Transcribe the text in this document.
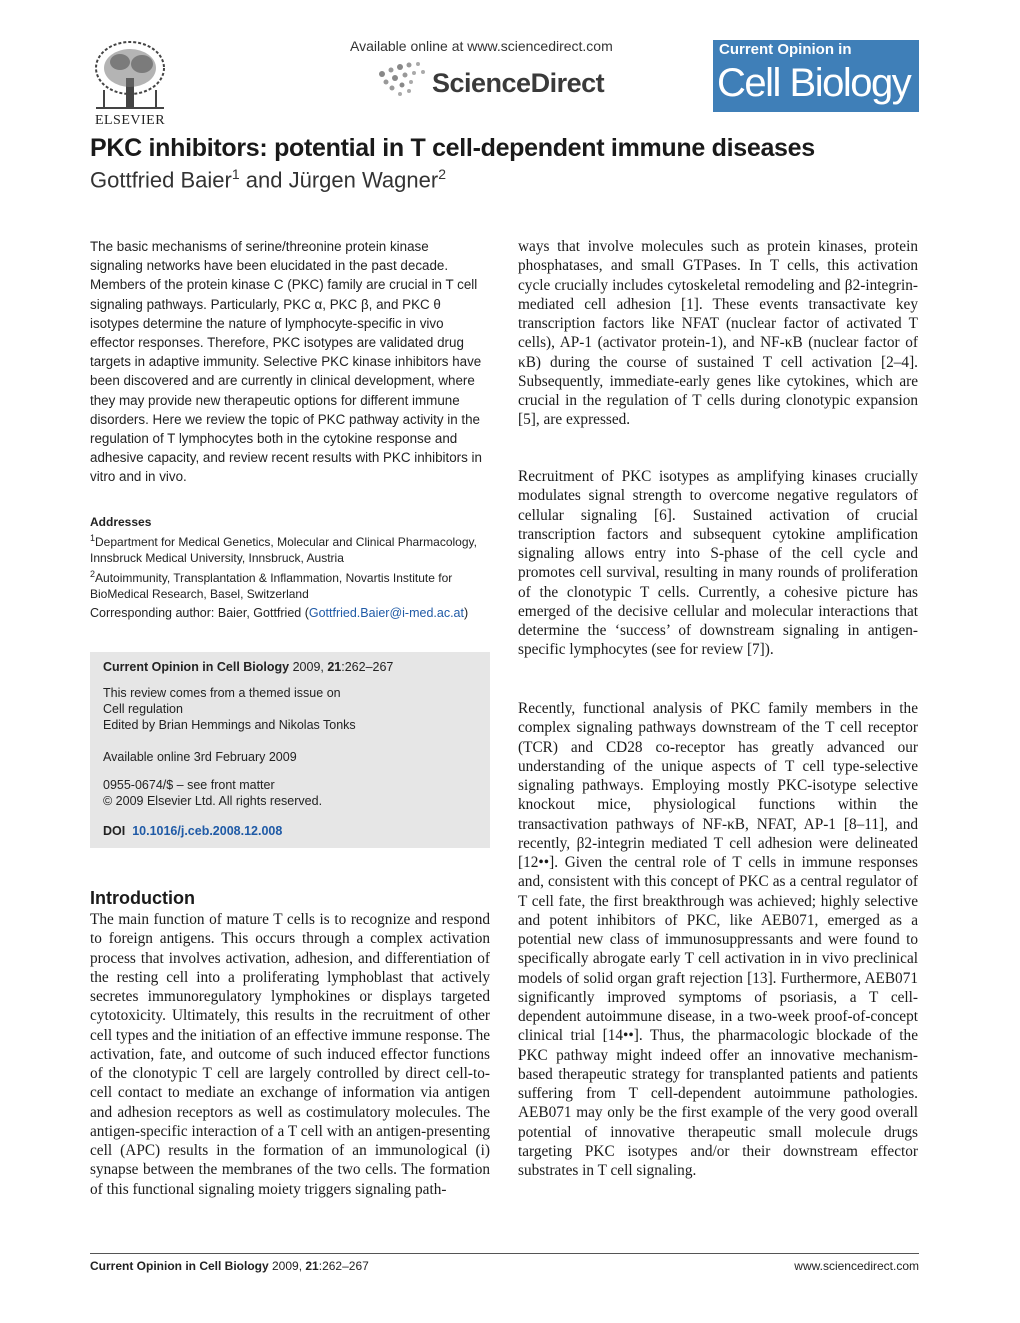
ELSEVIER
Available online at www.sciencedirect.com
ScienceDirect
Current Opinion in
Cell Biology
PKC inhibitors: potential in T cell-dependent immune diseases
Gottfried Baier$^1$ and Jürgen Wagner$^2$
The basic mechanisms of serine/threonine protein kinase signaling networks have been elucidated in the past decade. Members of the protein kinase C (PKC) family are crucial in T cell signaling pathways. Particularly, PKC α, PKC β, and PKC θ isotypes determine the nature of lymphocyte-specific in vivo effector responses. Therefore, PKC isotypes are validated drug targets in adaptive immunity. Selective PKC kinase inhibitors have been discovered and are currently in clinical development, where they may provide new therapeutic options for different immune disorders. Here we review the topic of PKC pathway activity in the regulation of T lymphocytes both in the cytokine response and adhesive capacity, and review recent results with PKC inhibitors in vitro and in vivo.
Addresses
$^1$Department for Medical Genetics, Molecular and Clinical Pharmacology, Innsbruck Medical University, Innsbruck, Austria
$^2$Autoimmunity, Transplantation & Inflammation, Novartis Institute for BioMedical Research, Basel, Switzerland
Corresponding author: Baier, Gottfried (Gottfried.Baier@i-med.ac.at)
Current Opinion in Cell Biology 2009, 21:262–267
This review comes from a themed issue on
Cell regulation
Edited by Brian Hemmings and Nikolas Tonks
Available online 3rd February 2009
0955-0674/$ – see front matter
© 2009 Elsevier Ltd. All rights reserved.
DOI 10.1016/j.ceb.2008.12.008
Introduction
The main function of mature T cells is to recognize and respond to foreign antigens. This occurs through a complex activation process that involves activation, adhesion, and differentiation of the resting cell into a proliferating lymphoblast that actively secretes immunoregulatory lymphokines or displays targeted cytotoxicity. Ultimately, this results in the recruitment of other cell types and the initiation of an effective immune response. The activation, fate, and outcome of such induced effector functions of the clonotypic T cell are largely controlled by direct cell-to-cell contact to mediate an exchange of information via antigen and adhesion receptors as well as costimulatory molecules. The antigen-specific interaction of a T cell with an antigen-presenting cell (APC) results in the formation of an immunological (i) synapse between the membranes of the two cells. The formation of this functional signaling moiety triggers signaling path-
ways that involve molecules such as protein kinases, protein phosphatases, and small GTPases. In T cells, this activation cycle crucially includes cytoskeletal remodeling and β2-integrin-mediated cell adhesion [1]. These events transactivate key transcription factors like NFAT (nuclear factor of activated T cells), AP-1 (activator protein-1), and NF-κB (nuclear factor of κB) during the course of sustained T cell activation [2–4]. Subsequently, immediate-early genes like cytokines, which are crucial in the regulation of T cells during clonotypic expansion [5], are expressed.
Recruitment of PKC isotypes as amplifying kinases crucially modulates signal strength to overcome negative regulators of cellular signaling [6]. Sustained activation of crucial transcription factors and subsequent cytokine amplification signaling allows entry into S-phase of the cell cycle and promotes cell survival, resulting in many rounds of proliferation of the clonotypic T cells. Currently, a cohesive picture has emerged of the decisive cellular and molecular interactions that determine the ‘success’ of downstream signaling in antigen-specific lymphocytes (see for review [7]).
Recently, functional analysis of PKC family members in the complex signaling pathways downstream of the T cell receptor (TCR) and CD28 co-receptor has greatly advanced our understanding of the unique aspects of T cell type-selective signaling pathways. Employing mostly PKC-isotype selective knockout mice, physiological functions within the transactivation pathways of NF-κB, NFAT, AP-1 [8–11], and recently, β2-integrin mediated T cell adhesion were delineated [12••]. Given the central role of T cells in immune responses and, consistent with this concept of PKC as a central regulator of T cell fate, the first breakthrough was achieved; highly selective and potent inhibitors of PKC, like AEB071, emerged as a potential new class of immunosuppressants and were found to specifically abrogate early T cell activation in in vivo preclinical models of solid organ graft rejection [13]. Furthermore, AEB071 significantly improved symptoms of psoriasis, a T cell-dependent autoimmune disease, in a two-week proof-of-concept clinical trial [14••]. Thus, the pharmacologic blockade of the PKC pathway might indeed offer an innovative mechanism-based therapeutic strategy for transplanted patients and patients suffering from T cell-dependent autoimmune pathologies. AEB071 may only be the first example of the very good overall potential of innovative therapeutic small molecule drugs targeting PKC isotypes and/or their downstream effector substrates in T cell signaling.
Current Opinion in Cell Biology 2009, 21:262–267	www.sciencedirect.com
